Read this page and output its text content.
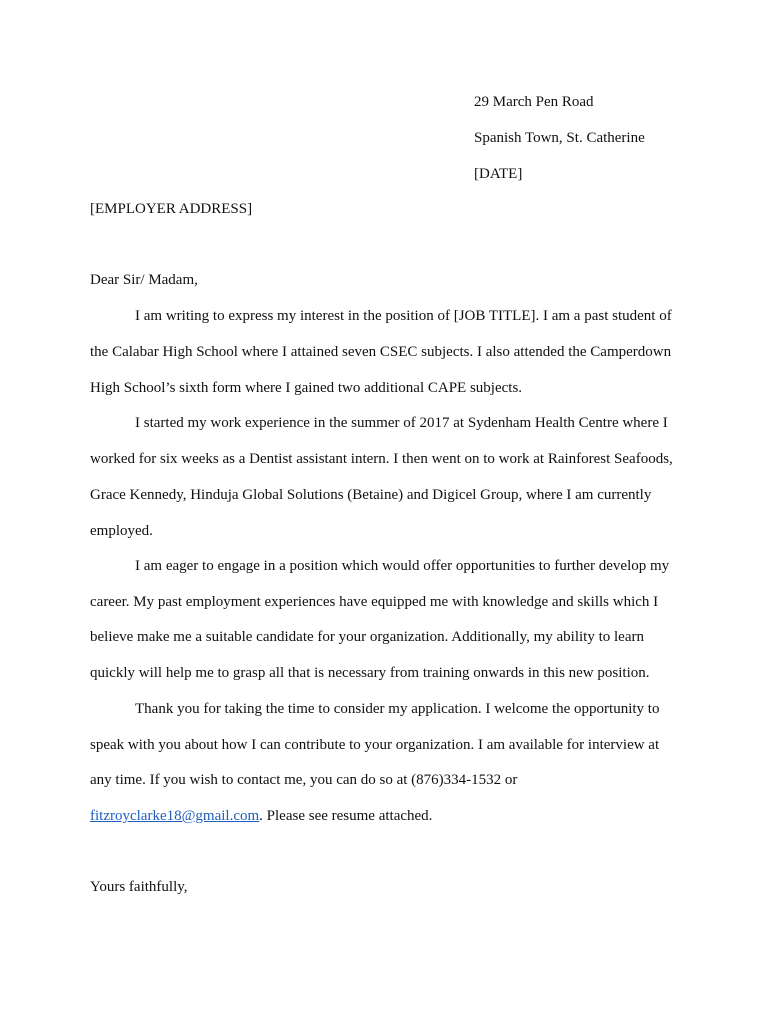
29 March Pen Road
Spanish Town, St. Catherine
[DATE]
[EMPLOYER ADDRESS]
Dear Sir/ Madam,
I am writing to express my interest in the position of [JOB TITLE]. I am a past student of
the Calabar High School where I attained seven CSEC subjects. I also attended the Camperdown
High School’s sixth form where I gained two additional CAPE subjects.
I started my work experience in the summer of 2017 at Sydenham Health Centre where I
worked for six weeks as a Dentist assistant intern. I then went on to work at Rainforest Seafoods,
Grace Kennedy, Hinduja Global Solutions (Betaine) and Digicel Group, where I am currently
employed.
I am eager to engage in a position which would offer opportunities to further develop my
career. My past employment experiences have equipped me with knowledge and skills which I
believe make me a suitable candidate for your organization. Additionally, my ability to learn
quickly will help me to grasp all that is necessary from training onwards in this new position.
Thank you for taking the time to consider my application. I welcome the opportunity to
speak with you about how I can contribute to your organization. I am available for interview at
any time. If you wish to contact me, you can do so at (876)334-1532 or
fitzroyclarke18@gmail.com. Please see resume attached.
Yours faithfully,
